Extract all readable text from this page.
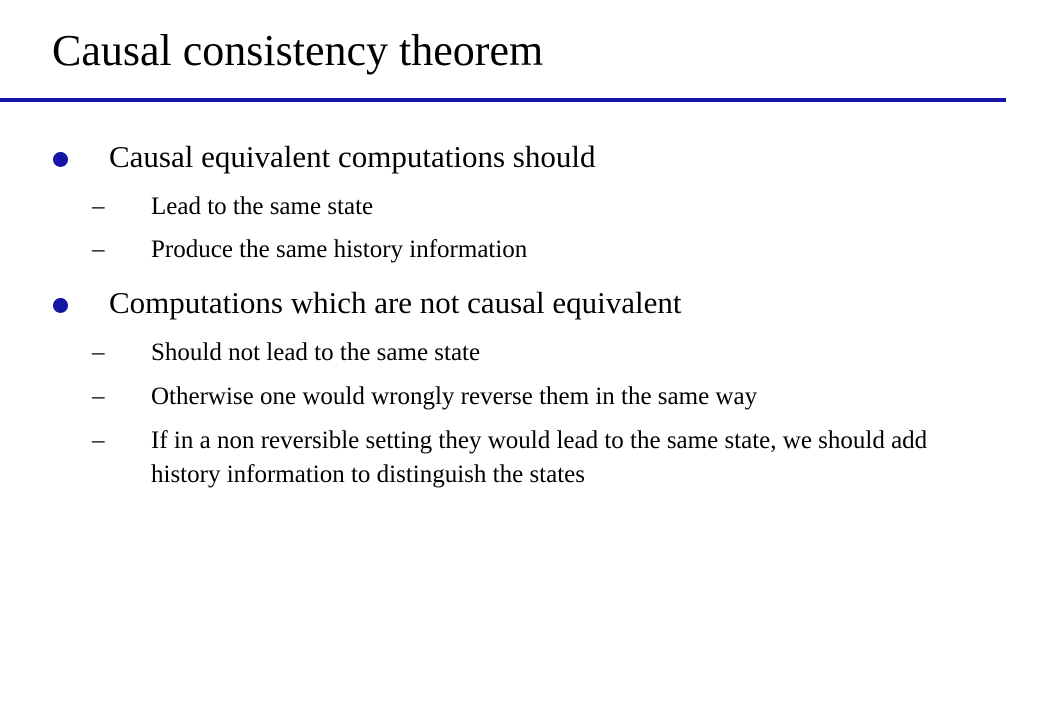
Causal consistency theorem
Causal equivalent computations should
– Lead to the same state
– Produce the same history information
Computations which are not causal equivalent
– Should not lead to the same state
– Otherwise one would wrongly reverse them in the same way
– If in a non reversible setting they would lead to the same state, we should add history information to distinguish the states
